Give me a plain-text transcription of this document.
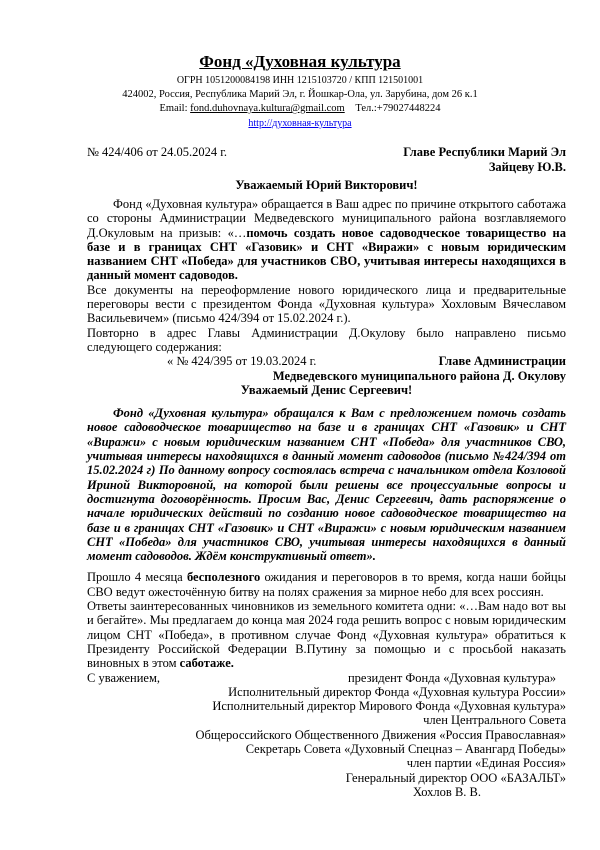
Фонд «Духовная культура
ОГРН 1051200084198 ИНН 1215103720 / КПП 121501001
424002, Россия, Республика Марий Эл, г. Йошкар-Ола, ул. Зарубина, дом 26 к.1
Email: fond.duhovnaya.kultura@gmail.com Тел.:+79027448224
http://духовная-культура
№ 424/406 от 24.05.2024 г.	Главе Республики Марий Эл
Зайцеву Ю.В.
Уважаемый Юрий Викторович!

Фонд «Духовная культура» обращается в Ваш адрес по причине открытого саботажа со стороны Администрации Медведевского муниципального района возглавляемого Д.Окуловым на призыв: «…помочь создать новое садоводческое товарищество на базе и в границах СНТ «Газовик» и СНТ «Виражи» с новым юридическим названием СНТ «Победа» для участников СВО, учитывая интересы находящихся в данный момент садоводов.

Все документы на переоформление нового юридического лица и предварительные переговоры вести с президентом Фонда «Духовная культура» Хохловым Вячеславом Васильевичем» (письмо 424/394 от 15.02.2024 г.).

Повторно в адрес Главы Администрации Д.Окулову было направлено письмо следующего содержания:

« № 424/395 от 19.03.2024 г.	Главе Администрации
Медведевского муниципального района Д. Окулову
Уважаемый Денис Сергеевич!

Фонд «Духовная культура» обращался к Вам с предложением помочь создать новое садоводческое товарищество на базе и в границах СНТ «Газовик» и СНТ «Виражи» с новым юридическим названием СНТ «Победа» для участников СВО, учитывая интересы находящихся в данный момент садоводов (письмо №424/394 от 15.02.2024 г) По данному вопросу состоялась встреча с начальником отдела Козловой Ириной Викторовной, на которой были решены все процессуальные вопросы и достигнута договорённость. Просим Вас, Денис Сергеевич, дать распоряжение о начале юридических действий по созданию новое садоводческое товарищество на базе и в границах СНТ «Газовик» и СНТ «Виражи» с новым юридическим названием СНТ «Победа» для участников СВО, учитывая интересы находящихся в данный момент садоводов. Ждём конструктивный ответ».

Прошло 4 месяца бесполезного ожидания и переговоров в то время, когда наши бойцы СВО ведут ожесточённую битву на полях сражения за мирное небо для всех россиян.

Ответы заинтересованных чиновников из земельного комитета одни: «…Вам надо вот вы и бегайте». Мы предлагаем до конца мая 2024 года решить вопрос с новым юридическим лицом СНТ «Победа», в противном случае Фонд «Духовная культура» обратиться к Президенту Российской Федерации В.Путину за помощью и с просьбой наказать виновных в этом саботаже.

С уважением,	президент Фонда «Духовная культура»
Исполнительный директор Фонда «Духовная культура России»
Исполнительный директор Мирового Фонда «Духовная культура»
член Центрального Совета
Общероссийского Общественного Движения «Россия Православная»
Секретарь Совета «Духовный Спецназ – Авангард Победы»
член партии «Единая Россия»
Генеральный директор ООО «БАЗАЛЬТ»
Хохлов В. В.
